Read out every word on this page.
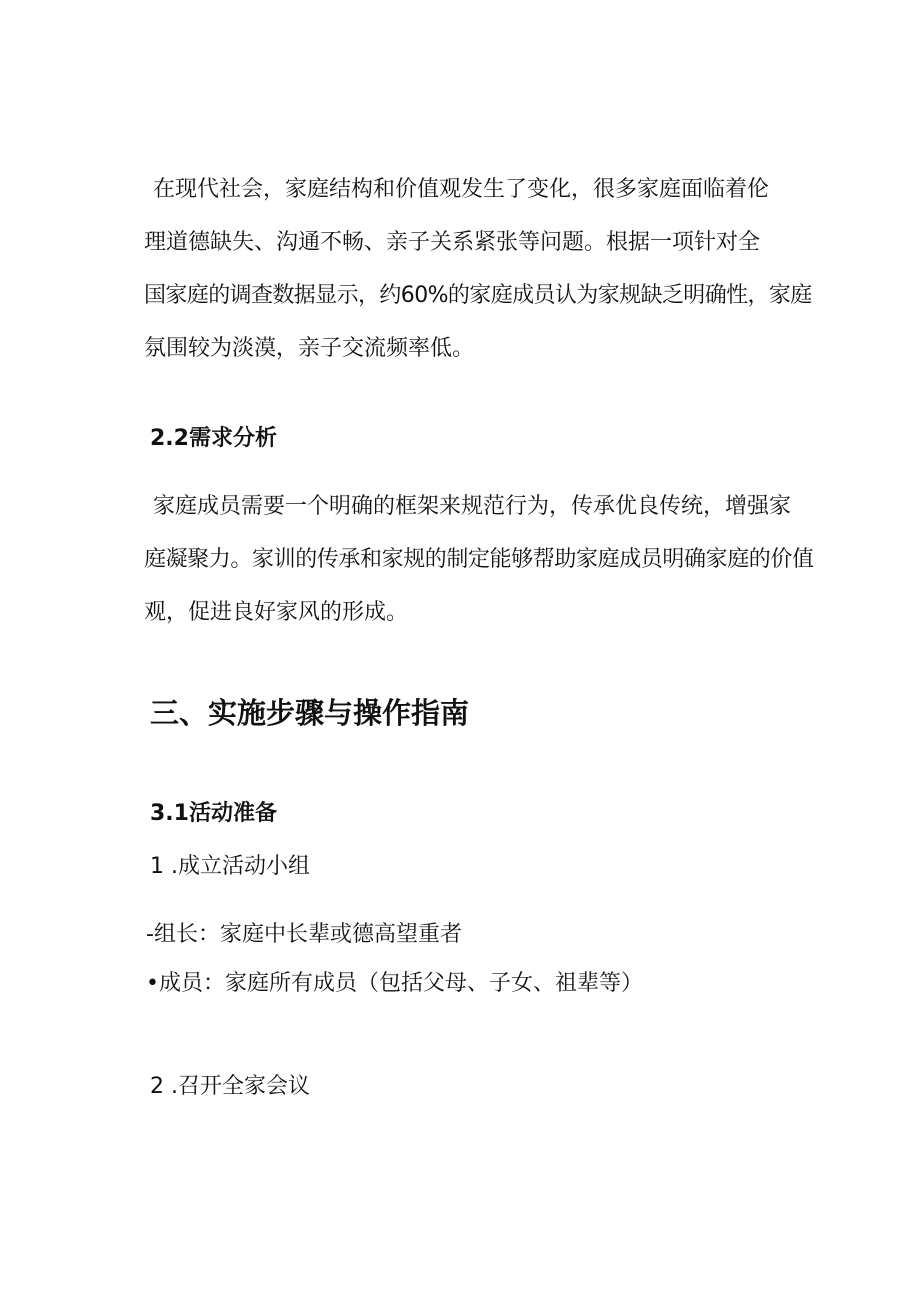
在现代社会，家庭结构和价值观发生了变化，很多家庭面临着伦
理道德缺失、沟通不畅、亲子关系紧张等问题。根据一项针对全
国家庭的调查数据显示，约60%的家庭成员认为家规缺乏明确性，家庭
氛围较为淡漠，亲子交流频率低。
2.2需求分析
家庭成员需要一个明确的框架来规范行为，传承优良传统，增强家
庭凝聚力。家训的传承和家规的制定能够帮助家庭成员明确家庭的价值
观，促进良好家风的形成。
三、实施步骤与操作指南
3.1活动准备

1 .成立活动小组

-组长：家庭中长辈或德高望重者

•成员：家庭所有成员（包括父母、子女、祖辈等）

2 .召开全家会议
